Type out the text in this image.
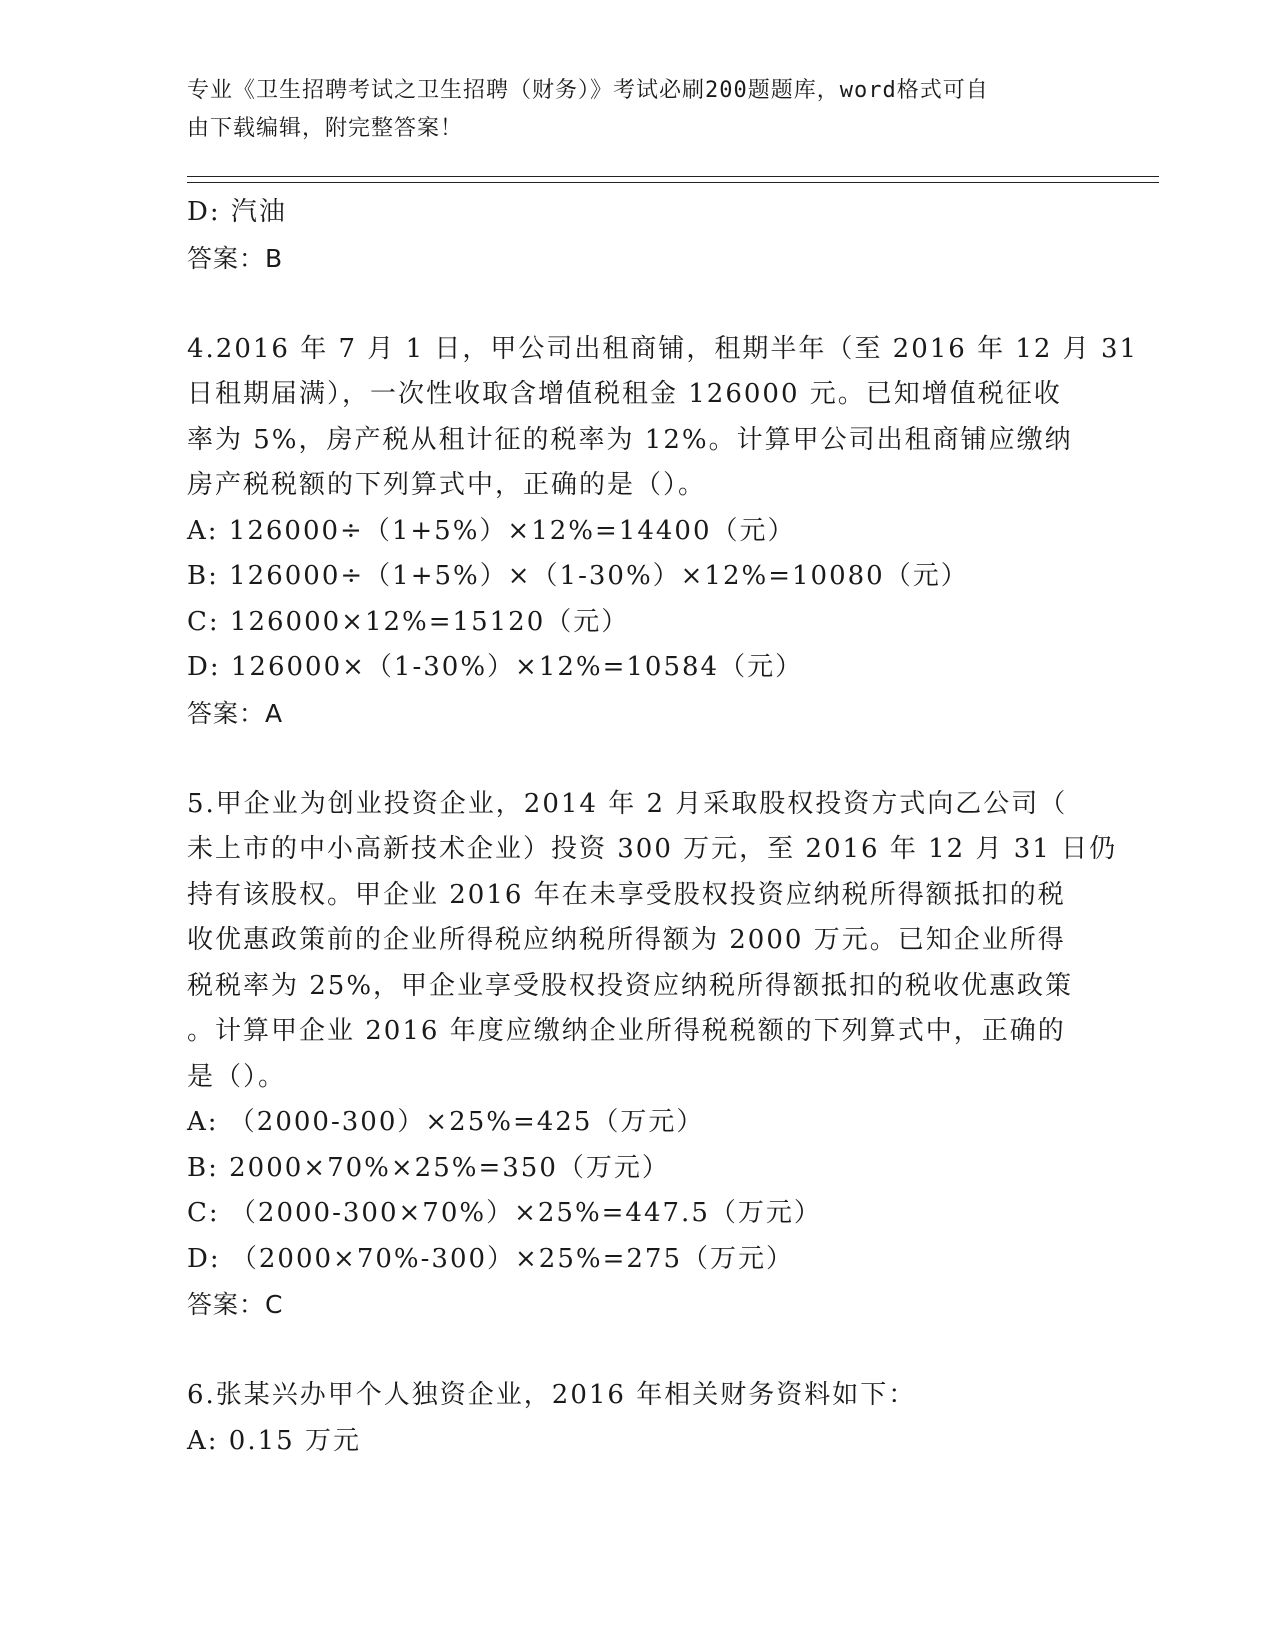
专业《卫生招聘考试之卫生招聘（财务）》考试必刷200题题库，word格式可自
由下载编辑，附完整答案！
D: 汽油
答案：B
4.2016 年 7 月 1 日，甲公司出租商铺，租期半年（至 2016 年 12 月 31
日租期届满），一次性收取含增值税租金 126000 元。已知增值税征收
率为 5%，房产税从租计征的税率为 12%。计算甲公司出租商铺应缴纳
房产税税额的下列算式中，正确的是（）。
A: 126000÷（1+5%）×12%=14400（元）
B: 126000÷（1+5%）×（1-30%）×12%=10080（元）
C: 126000×12%=15120（元）
D: 126000×（1-30%）×12%=10584（元）
答案：A
5.甲企业为创业投资企业，2014 年 2 月采取股权投资方式向乙公司（
未上市的中小高新技术企业）投资 300 万元，至 2016 年 12 月 31 日仍
持有该股权。甲企业 2016 年在未享受股权投资应纳税所得额抵扣的税
收优惠政策前的企业所得税应纳税所得额为 2000 万元。已知企业所得
税税率为 25%，甲企业享受股权投资应纳税所得额抵扣的税收优惠政策
。计算甲企业 2016 年度应缴纳企业所得税税额的下列算式中，正确的
是（）。
A: （2000-300）×25%=425（万元）
B: 2000×70%×25%=350（万元）
C: （2000-300×70%）×25%=447.5（万元）
D: （2000×70%-300）×25%=275（万元）
答案：C
6.张某兴办甲个人独资企业，2016 年相关财务资料如下：
A: 0.15 万元
